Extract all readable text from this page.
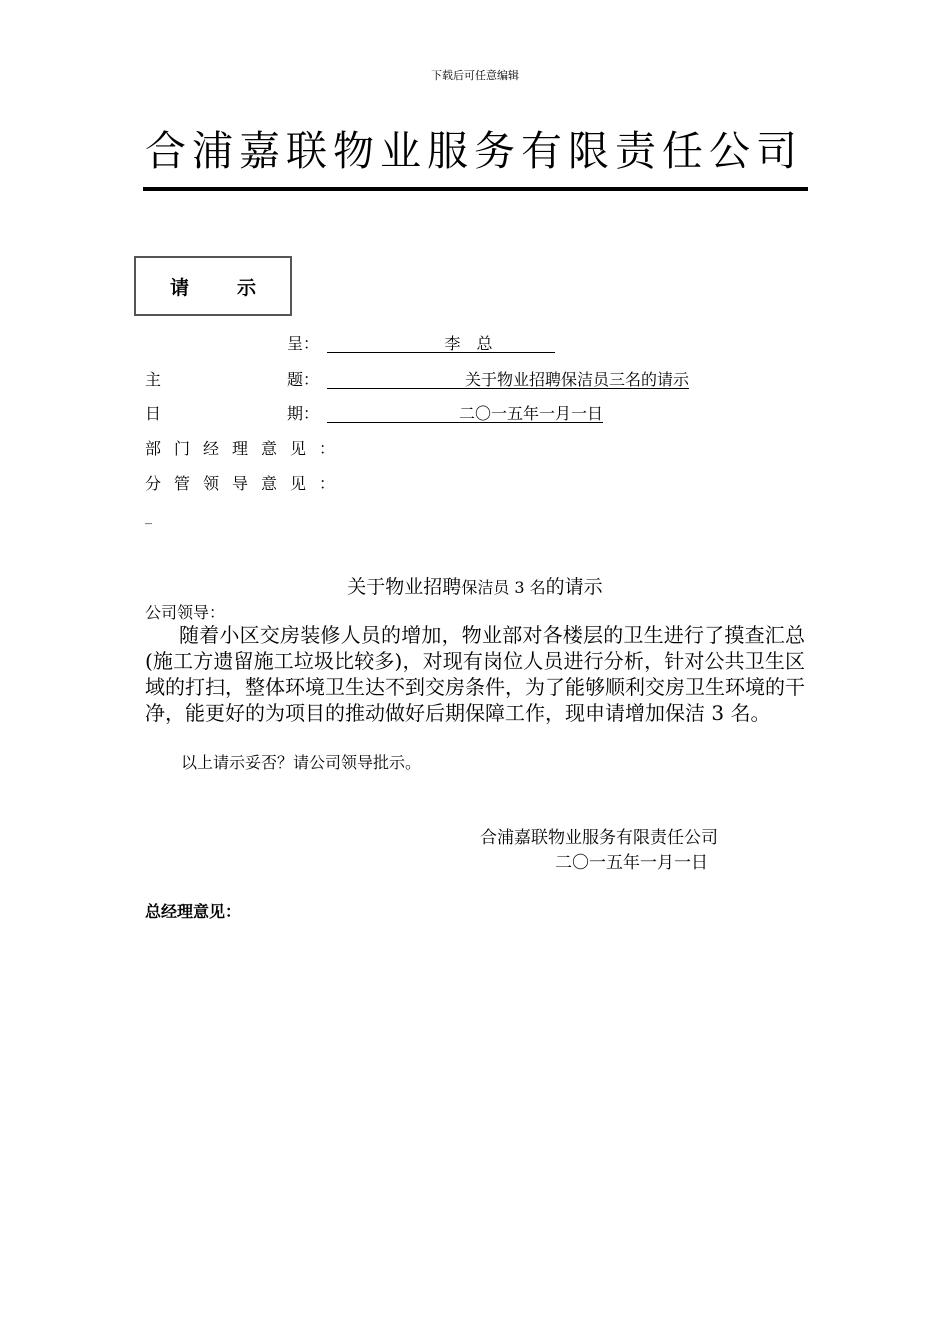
下载后可任意编辑
合浦嘉联物业服务有限责任公司
请示
呈：	李　总
主	题：	关于物业招聘保洁员三名的请示
日	期：	二〇一五年一月一日
部门经理意见：
分管领导意见：
_
关于物业招聘保洁员 3 名的请示
公司领导：
随着小区交房装修人员的增加，物业部对各楼层的卫生进行了摸查汇总(施工方遗留施工垃圾比较多)，对现有岗位人员进行分析，针对公共卫生区域的打扫，整体环境卫生达不到交房条件，为了能够顺利交房卫生环境的干净，能更好的为项目的推动做好后期保障工作，现申请增加保洁 3 名。
以上请示妥否？请公司领导批示。
合浦嘉联物业服务有限责任公司
二〇一五年一月一日
总经理意见：
